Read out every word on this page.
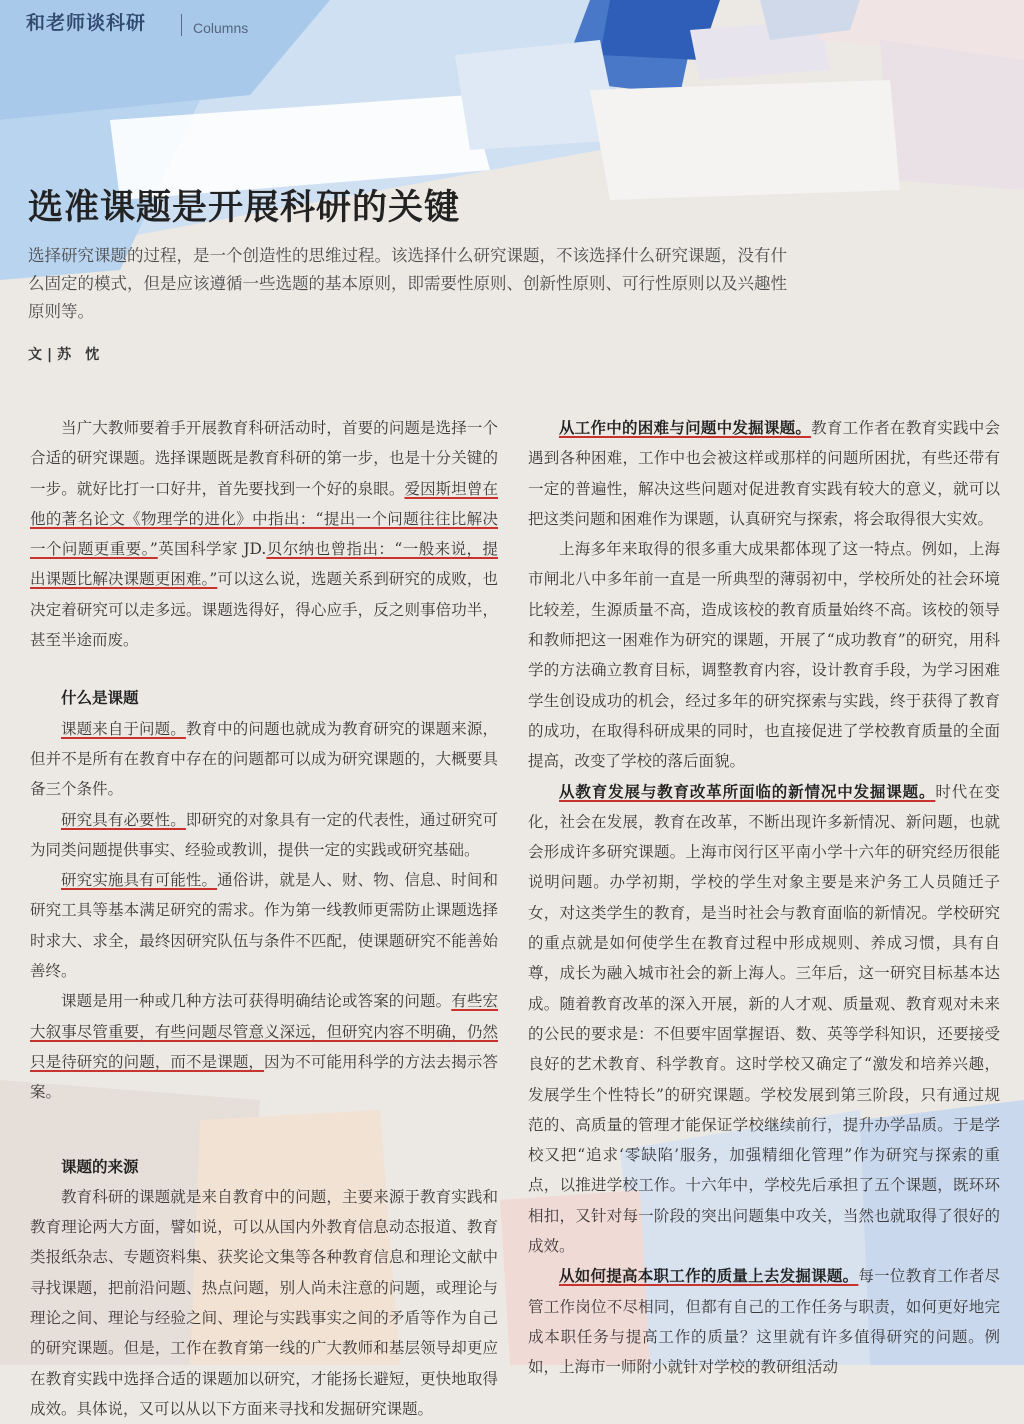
和老师谈科研	Columns
选准课题是开展科研的关键
选择研究课题的过程，是一个创造性的思维过程。该选择什么研究课题，不该选择什么研究课题，没有什么固定的模式，但是应该遵循一些选题的基本原则，即需要性原则、创新性原则、可行性原则以及兴趣性原则等。
文 | 苏　忱

当广大教师要着手开展教育科研活动时，首要的问题是选择一个合适的研究课题。选择课题既是教育科研的第一步，也是十分关键的一步。就好比打一口好井，首先要找到一个好的泉眼。爱因斯坦曾在他的著名论文《物理学的进化》中指出：“提出一个问题往往比解决一个问题更重要。”英国科学家 JD.贝尔纳也曾指出：“一般来说，提出课题比解决课题更困难。”可以这么说，选题关系到研究的成败，也决定着研究可以走多远。课题选得好，得心应手，反之则事倍功半，甚至半途而废。

什么是课题

课题来自于问题。教育中的问题也就成为教育研究的课题来源，但并不是所有在教育中存在的问题都可以成为研究课题的，大概要具备三个条件。

研究具有必要性。即研究的对象具有一定的代表性，通过研究可为同类问题提供事实、经验或教训，提供一定的实践或研究基础。

研究实施具有可能性。通俗讲，就是人、财、物、信息、时间和研究工具等基本满足研究的需求。作为第一线教师更需防止课题选择时求大、求全，最终因研究队伍与条件不匹配，使课题研究不能善始善终。

课题是用一种或几种方法可获得明确结论或答案的问题。有些宏大叙事尽管重要，有些问题尽管意义深远，但研究内容不明确，仍然只是待研究的问题，而不是课题，因为不可能用科学的方法去揭示答案。

课题的来源

教育科研的课题就是来自教育中的问题，主要来源于教育实践和教育理论两大方面，譬如说，可以从国内外教育信息动态报道、教育类报纸杂志、专题资料集、获奖论文集等各种教育信息和理论文献中寻找课题，把前沿问题、热点问题，别人尚未注意的问题，或理论与理论之间、理论与经验之间、理论与实践事实之间的矛盾等作为自己的研究课题。但是，工作在教育第一线的广大教师和基层领导却更应在教育实践中选择合适的课题加以研究，才能扬长避短，更快地取得成效。具体说，又可以从以下方面来寻找和发掘研究课题。

从工作中的困难与问题中发掘课题。教育工作者在教育实践中会遇到各种困难，工作中也会被这样或那样的问题所困扰，有些还带有一定的普遍性，解决这些问题对促进教育实践有较大的意义，就可以把这类问题和困难作为课题，认真研究与探索，将会取得很大实效。

上海多年来取得的很多重大成果都体现了这一特点。例如，上海市闸北八中多年前一直是一所典型的薄弱初中，学校所处的社会环境比较差，生源质量不高，造成该校的教育质量始终不高。该校的领导和教师把这一困难作为研究的课题，开展了“成功教育”的研究，用科学的方法确立教育目标，调整教育内容，设计教育手段，为学习困难学生创设成功的机会，经过多年的研究探索与实践，终于获得了教育的成功，在取得科研成果的同时，也直接促进了学校教育质量的全面提高，改变了学校的落后面貌。

从教育发展与教育改革所面临的新情况中发掘课题。时代在变化，社会在发展，教育在改革，不断出现许多新情况、新问题，也就会形成许多研究课题。上海市闵行区平南小学十六年的研究经历很能说明问题。办学初期，学校的学生对象主要是来沪务工人员随迁子女，对这类学生的教育，是当时社会与教育面临的新情况。学校研究的重点就是如何使学生在教育过程中形成规则、养成习惯，具有自尊，成长为融入城市社会的新上海人。三年后，这一研究目标基本达成。随着教育改革的深入开展，新的人才观、质量观、教育观对未来的公民的要求是：不但要牢固掌握语、数、英等学科知识，还要接受良好的艺术教育、科学教育。这时学校又确定了“激发和培养兴趣，发展学生个性特长”的研究课题。学校发展到第三阶段，只有通过规范的、高质量的管理才能保证学校继续前行，提升办学品质。于是学校又把“追求‘零缺陷’服务，加强精细化管理”作为研究与探索的重点，以推进学校工作。十六年中，学校先后承担了五个课题，既环环相扣，又针对每一阶段的突出问题集中攻关，当然也就取得了很好的成效。

从如何提高本职工作的质量上去发掘课题。每一位教育工作者尽管工作岗位不尽相同，但都有自己的工作任务与职责，如何更好地完成本职任务与提高工作的质量？这里就有许多值得研究的问题。例如，上海市一师附小就针对学校的教研组活动
